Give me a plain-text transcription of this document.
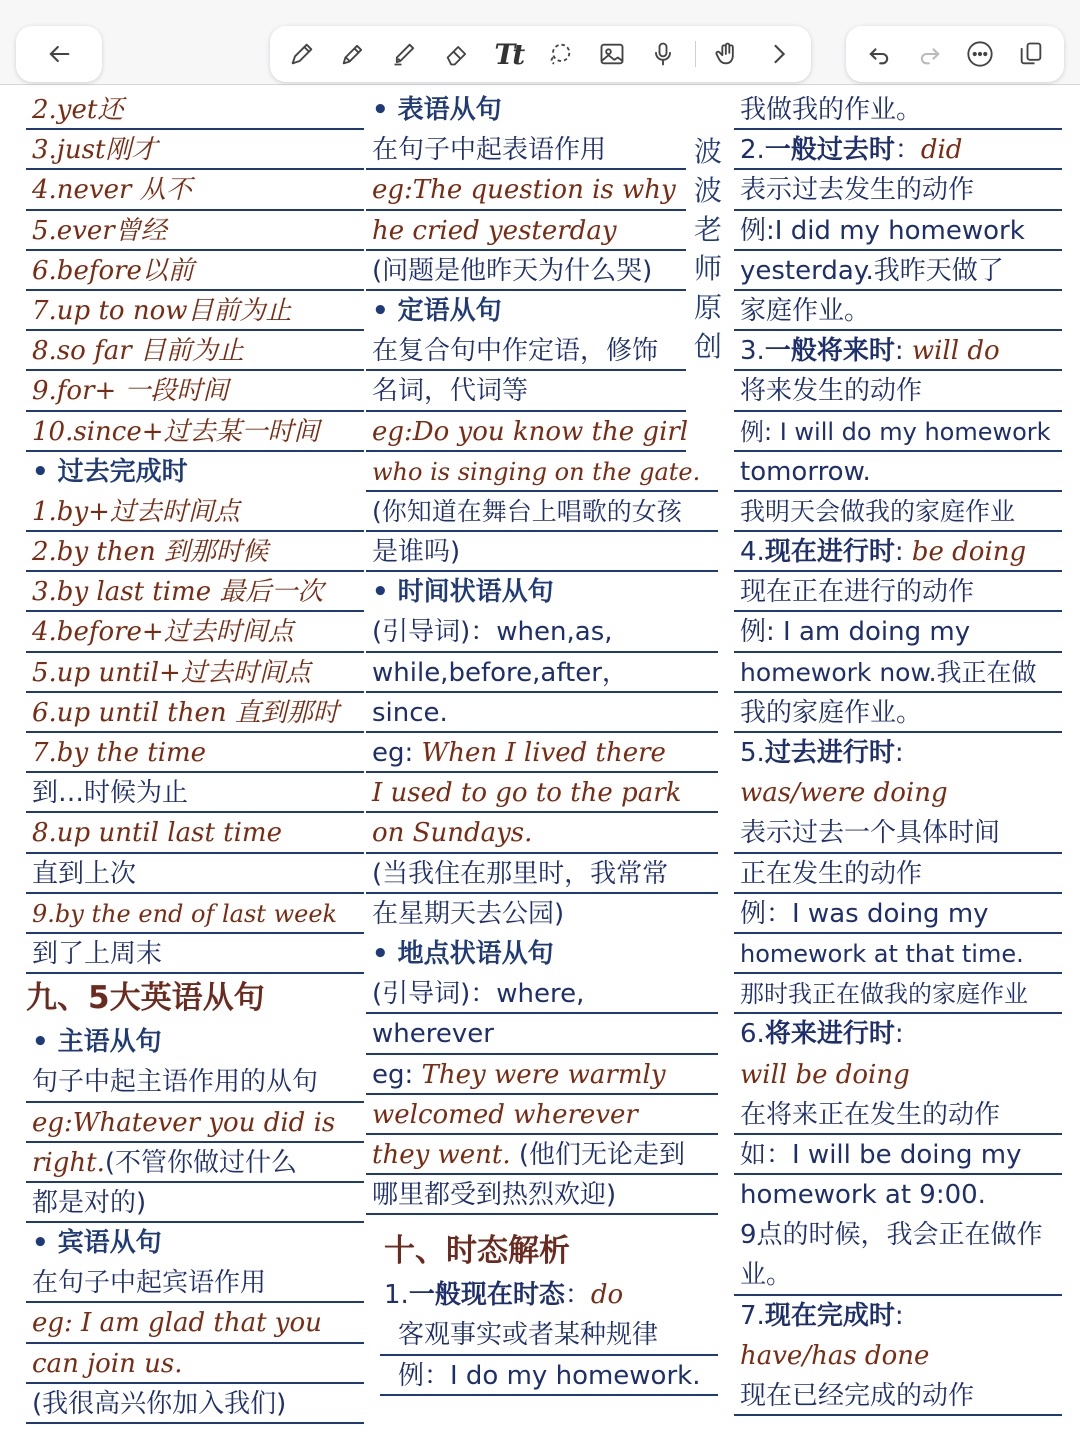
Tt
2.yet还
3.just刚才
4.never 从不
5.ever曾经
6.before以前
7.up to now目前为止
8.so far 目前为止
9.for+ 一段时间
10.since+过去某一时间
• 过去完成时
1.by+过去时间点
2.by then 到那时候
3.by last time 最后一次
4.before+过去时间点
5.up until+过去时间点
6.up until then 直到那时
7.by the time
到…时候为止
8.up until last time
直到上次
9.by the end of last week
到了上周末
九、5大英语从句
• 主语从句
句子中起主语作用的从句
eg:Whatever you did is
right.(不管你做过什么
都是对的)
• 宾语从句
在句子中起宾语作用
eg: I am glad that you
can join us.
(我很高兴你加入我们)
• 表语从句
在句子中起表语作用
eg:The question is why
he cried yesterday
(问题是他昨天为什么哭)
• 定语从句
在复合句中作定语，修饰
名词，代词等
eg:Do you know the girl
who is singing on the gate.
(你知道在舞台上唱歌的女孩
是谁吗)
• 时间状语从句
(引导词)：when,as,
while,before,after，
since.
eg: When I lived there
I used to go to the park
on Sundays.
(当我住在那里时，我常常
在星期天去公园)
• 地点状语从句
(引导词)：where,
wherever
eg: They were warmly
welcomed wherever
they went. (他们无论走到
哪里都受到热烈欢迎)
十、时态解析
1.一般现在时态：do
客观事实或者某种规律
例：I do my homework.
波
波
老
师
原
创
我做我的作业。
2.一般过去时：did
表示过去发生的动作
例:I did my homework
yesterday.我昨天做了
家庭作业。
3.一般将来时: will do
将来发生的动作
例: I will do my homework
tomorrow.
我明天会做我的家庭作业
4.现在进行时: be doing
现在正在进行的动作
例: I am doing my
homework now.我正在做
我的家庭作业。
5.过去进行时:
was/were doing
表示过去一个具体时间
正在发生的动作
例：I was doing my
homework at that time.
那时我正在做我的家庭作业
6.将来进行时:
will be doing
在将来正在发生的动作
如：I will be doing my
homework at 9:00.
9点的时候，我会正在做作
业。
7.现在完成时:
have/has done
现在已经完成的动作
